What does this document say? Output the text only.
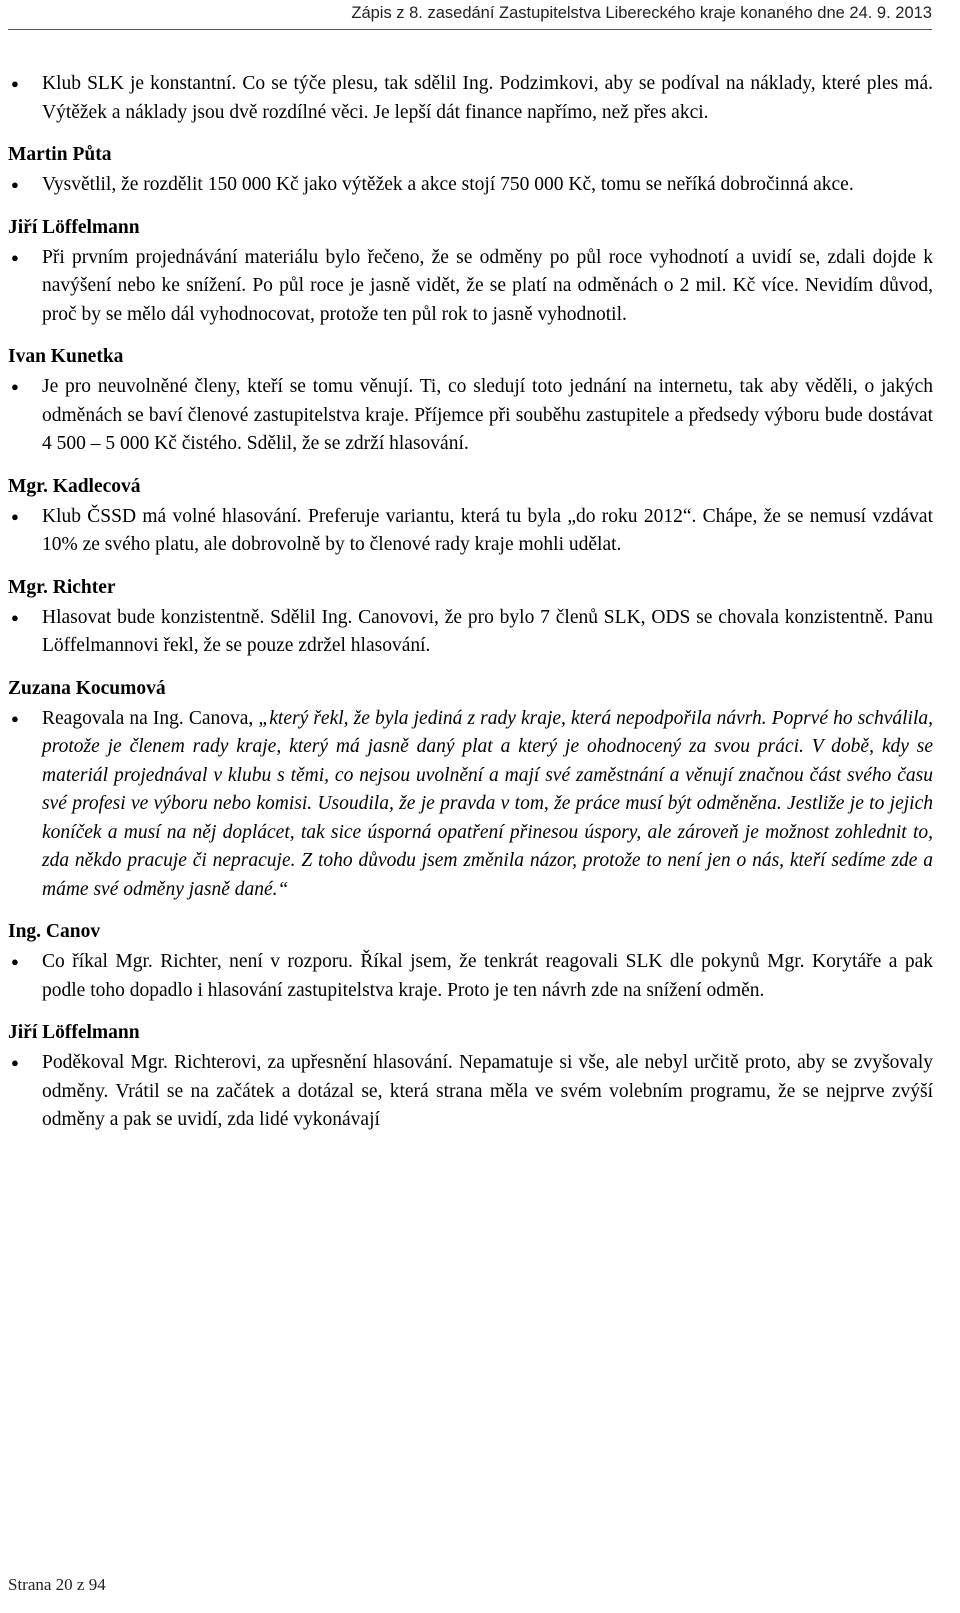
Zápis z 8. zasedání Zastupitelstva Libereckého kraje konaného dne 24. 9. 2013
● Klub SLK je konstantní. Co se týče plesu, tak sdělil Ing. Podzimkovi, aby se podíval na náklady, které ples má. Výtěžek a náklady jsou dvě rozdílné věci. Je lepší dát finance napřímo, než přes akci.
Martin Půta
● Vysvětlil, že rozdělit 150 000 Kč jako výtěžek a akce stojí 750 000 Kč, tomu se neříká dobročinná akce.
Jiří Löffelmann
● Při prvním projednávání materiálu bylo řečeno, že se odměny po půl roce vyhodnotí a uvidí se, zdali dojde k navýšení nebo ke snížení. Po půl roce je jasně vidět, že se platí na odměnách o 2 mil. Kč více. Nevidím důvod, proč by se mělo dál vyhodnocovat, protože ten půl rok to jasně vyhodnotil.
Ivan Kunetka
● Je pro neuvolněné členy, kteří se tomu věnují. Ti, co sledují toto jednání na internetu, tak aby věděli, o jakých odměnách se baví členové zastupitelstva kraje. Příjemce při souběhu zastupitele a předsedy výboru bude dostávat 4 500 – 5 000 Kč čistého. Sdělil, že se zdrží hlasování.
Mgr. Kadlecová
● Klub ČSSD má volné hlasování. Preferuje variantu, která tu byla „do roku 2012“. Chápe, že se nemusí vzdávat 10% ze svého platu, ale dobrovolně by to členové rady kraje mohli udělat.
Mgr. Richter
● Hlasovat bude konzistentně. Sdělil Ing. Canovovi, že pro bylo 7 členů SLK, ODS se chovala konzistentně. Panu Löffelmannovi řekl, že se pouze zdržel hlasování.
Zuzana Kocumová
● Reagovala na Ing. Canova, „který řekl, že byla jediná z rady kraje, která nepodpořila návrh. Poprvé ho schválila, protože je členem rady kraje, který má jasně daný plat a který je ohodnocený za svou práci. V době, kdy se materiál projednával v klubu s těmi, co nejsou uvolnění a mají své zaměstnání a věnují značnou část svého času své profesi ve výboru nebo komisi. Usoudila, že je pravda v tom, že práce musí být odměněna. Jestliže je to jejich koníček a musí na něj doplácet, tak sice úsporná opatření přinesou úspory, ale zároveň je možnost zohlednit to, zda někdo pracuje či nepracuje. Z toho důvodu jsem změnila názor, protože to není jen o nás, kteří sedíme zde a máme své odměny jasně dané.“
Ing. Canov
● Co říkal Mgr. Richter, není v rozporu. Říkal jsem, že tenkrát reagovali SLK dle pokynů Mgr. Korytáře a pak podle toho dopadlo i hlasování zastupitelstva kraje. Proto je ten návrh zde na snížení odměn.
Jiří Löffelmann
● Poděkoval Mgr. Richterovi, za upřesnění hlasování. Nepamatuje si vše, ale nebyl určitě proto, aby se zvyšovaly odměny. Vrátil se na začátek a dotázal se, která strana měla ve svém volebním programu, že se nejprve zvýší odměny a pak se uvidí, zda lidé vykonávají
Strana 20 z 94
